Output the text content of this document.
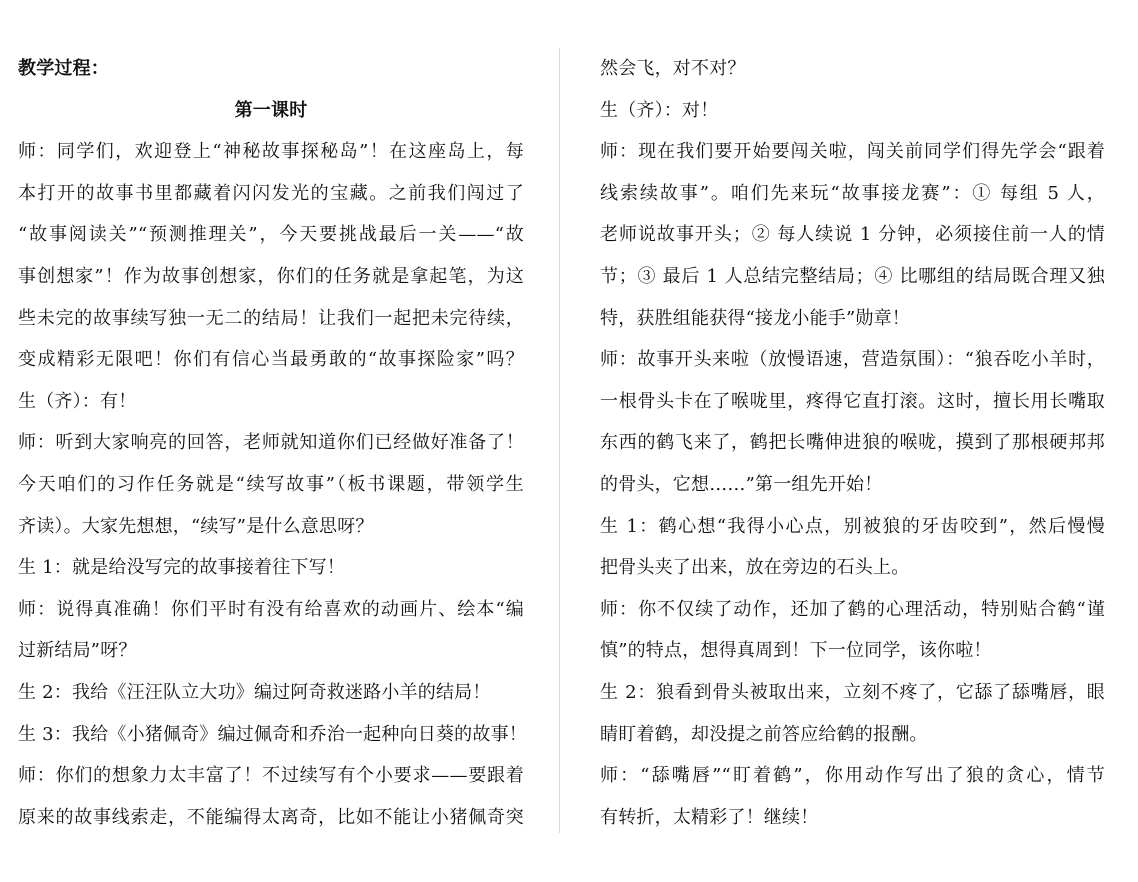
教学过程：
第一课时
师：同学们，欢迎登上“神秘故事探秘岛”！在这座岛上，每
本打开的故事书里都藏着闪闪发光的宝藏。之前我们闯过了
“故事阅读关”“预测推理关”，今天要挑战最后一关——“故
事创想家”！作为故事创想家，你们的任务就是拿起笔，为这
些未完的故事续写独一无二的结局！让我们一起把未完待续，
变成精彩无限吧！你们有信心当最勇敢的“故事探险家”吗？
生（齐）：有！
师：听到大家响亮的回答，老师就知道你们已经做好准备了！
今天咱们的习作任务就是“续写故事”（板书课题，带领学生
齐读）。大家先想想，“续写”是什么意思呀？
生 1：就是给没写完的故事接着往下写！
师：说得真准确！你们平时有没有给喜欢的动画片、绘本“编
过新结局”呀？
生 2：我给《汪汪队立大功》编过阿奇救迷路小羊的结局！
生 3：我给《小猪佩奇》编过佩奇和乔治一起种向日葵的故事！
师：你们的想象力太丰富了！不过续写有个小要求——要跟着
原来的故事线索走，不能编得太离奇，比如不能让小猪佩奇突
然会飞，对不对？
生（齐）：对！
师：现在我们要开始要闯关啦，闯关前同学们得先学会“跟着
线索续故事”。咱们先来玩“故事接龙赛”：① 每组 5 人，
老师说故事开头；② 每人续说 1 分钟，必须接住前一人的情
节；③ 最后 1 人总结完整结局；④ 比哪组的结局既合理又独
特，获胜组能获得“接龙小能手”勋章！
师：故事开头来啦（放慢语速，营造氛围）：“狼吞吃小羊时，
一根骨头卡在了喉咙里，疼得它直打滚。这时，擅长用长嘴取
东西的鹤飞来了，鹤把长嘴伸进狼的喉咙，摸到了那根硬邦邦
的骨头，它想……”第一组先开始！
生 1：鹤心想“我得小心点，别被狼的牙齿咬到”，然后慢慢
把骨头夹了出来，放在旁边的石头上。
师：你不仅续了动作，还加了鹤的心理活动，特别贴合鹤“谨
慎”的特点，想得真周到！下一位同学，该你啦！
生 2：狼看到骨头被取出来，立刻不疼了，它舔了舔嘴唇，眼
睛盯着鹤，却没提之前答应给鹤的报酬。
师：“舔嘴唇”“盯着鹤”，你用动作写出了狼的贪心，情节
有转折，太精彩了！继续！
